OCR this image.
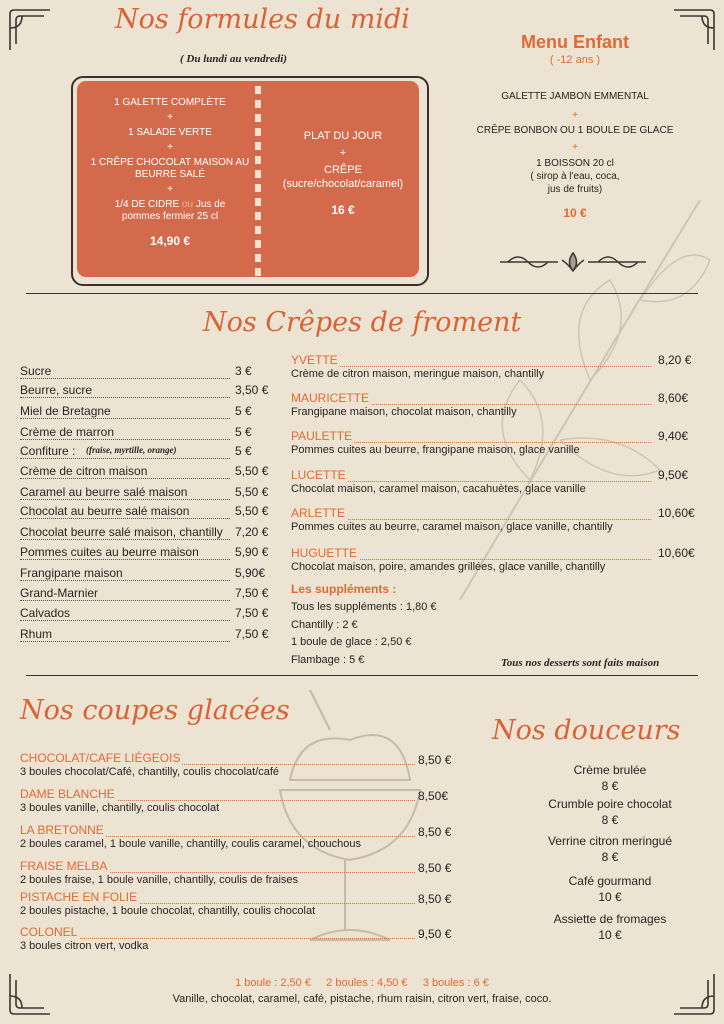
Nos formules du midi
( Du lundi au vendredi)
1 GALETTE COMPLÈTE
+
1 SALADE VERTE
+
1 CRÊPE CHOCOLAT MAISON AU
BEURRE SALÉ
+
1/4 DE CIDRE ou Jus de
pommes fermier 25 cl
14,90 €
PLAT DU JOUR
+
CRÊPE
(sucre/chocolat/caramel)
16 €
Menu Enfant
( -12 ans )
GALETTE JAMBON EMMENTAL
+
CRÊPE BONBON OU 1 BOULE DE GLACE
+
1 BOISSON 20 cl
( sirop à l'eau, coca,
jus de fruits)
10 €
Nos Crêpes de froment
Sucre	3 €
Beurre, sucre	3,50 €
Miel de Bretagne	5 €
Crème de marron	5 €
Confiture : (fraise, myrtille, orange)	5 €
Crème de citron maison	5,50 €
Caramel au beurre salé maison	5,50 €
Chocolat au beurre salé maison	5,50 €
Chocolat beurre salé maison, chantilly 7,20 €
Pommes cuites au beurre maison	5,90 €
Frangipane maison	5,90€
Grand-Marnier	7,50 €
Calvados	7,50 €
Rhum	7,50 €
YVETTE	8,20 €
Crème de citron maison, meringue maison, chantilly
MAURICETTE	8,60€
Frangipane maison, chocolat maison, chantilly
PAULETTE	9,40€
Pommes cuites au beurre, frangipane maison, glace vanille
LUCETTE	9,50€
Chocolat maison, caramel maison, cacahuètes, glace vanille
ARLETTE	10,60€
Pommes cuites au beurre, caramel maison, glace vanille, chantilly
HUGUETTE	10,60€
Chocolat maison, poire, amandes grillées, glace vanille, chantilly
Les suppléments :
Tous les suppléments : 1,80 €
Chantilly : 2 €
1 boule de glace : 2,50 €
Flambage : 5 €	Tous nos desserts sont faits maison
Nos coupes glacées
CHOCOLAT/CAFE LIÉGEOIS	8,50 €
3 boules chocolat/Café, chantilly, coulis chocolat/café
DAME BLANCHE	8,50€
3 boules vanille, chantilly, coulis chocolat
LA BRETONNE	8,50 €
2 boules caramel, 1 boule vanille, chantilly, coulis caramel, chouchous
FRAISE MELBA	8,50 €
2 boules fraise, 1 boule vanille, chantilly, coulis de fraises
PISTACHE EN FOLIE	8,50 €
2 boules pistache, 1 boule chocolat, chantilly, coulis chocolat
COLONEL	9,50 €
3 boules citron vert, vodka
Nos douceurs
Crème brulée
8 €
Crumble poire chocolat
8 €
Verrine citron meringué
8 €
Café gourmand
10 €
Assiette de fromages
10 €
1 boule : 2,50 €     2 boules : 4,50 €     3 boules : 6 €
Vanille, chocolat, caramel, café, pistache, rhum raisin, citron vert, fraise, coco.
